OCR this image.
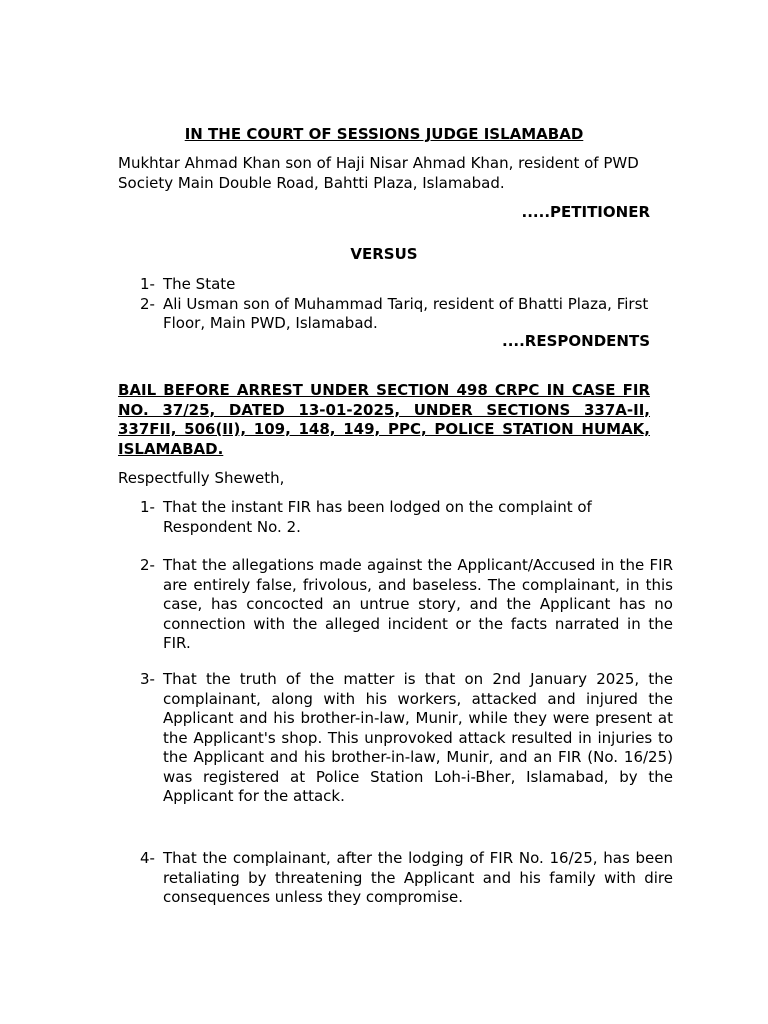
IN THE COURT OF SESSIONS JUDGE ISLAMABAD
Mukhtar Ahmad Khan son of Haji Nisar Ahmad Khan, resident of PWD Society Main Double Road, Bahtti Plaza, Islamabad.
.....PETITIONER
VERSUS
1- The State
2- Ali Usman son of Muhammad Tariq, resident of Bhatti Plaza, First Floor, Main PWD, Islamabad.
....RESPONDENTS
BAIL BEFORE ARREST UNDER SECTION 498 CRPC IN CASE FIR NO. 37/25, DATED 13-01-2025, UNDER SECTIONS 337A-II, 337FII, 506(II), 109, 148, 149, PPC, POLICE STATION HUMAK, ISLAMABAD.
Respectfully Sheweth,
1- That the instant FIR has been lodged on the complaint of Respondent No. 2.
2- That the allegations made against the Applicant/Accused in the FIR are entirely false, frivolous, and baseless. The complainant, in this case, has concocted an untrue story, and the Applicant has no connection with the alleged incident or the facts narrated in the FIR.
3- That the truth of the matter is that on 2nd January 2025, the complainant, along with his workers, attacked and injured the Applicant and his brother-in-law, Munir, while they were present at the Applicant's shop. This unprovoked attack resulted in injuries to the Applicant and his brother-in-law, Munir, and an FIR (No. 16/25) was registered at Police Station Loh-i-Bher, Islamabad, by the Applicant for the attack.
4- That the complainant, after the lodging of FIR No. 16/25, has been retaliating by threatening the Applicant and his family with dire consequences unless they compromise.
